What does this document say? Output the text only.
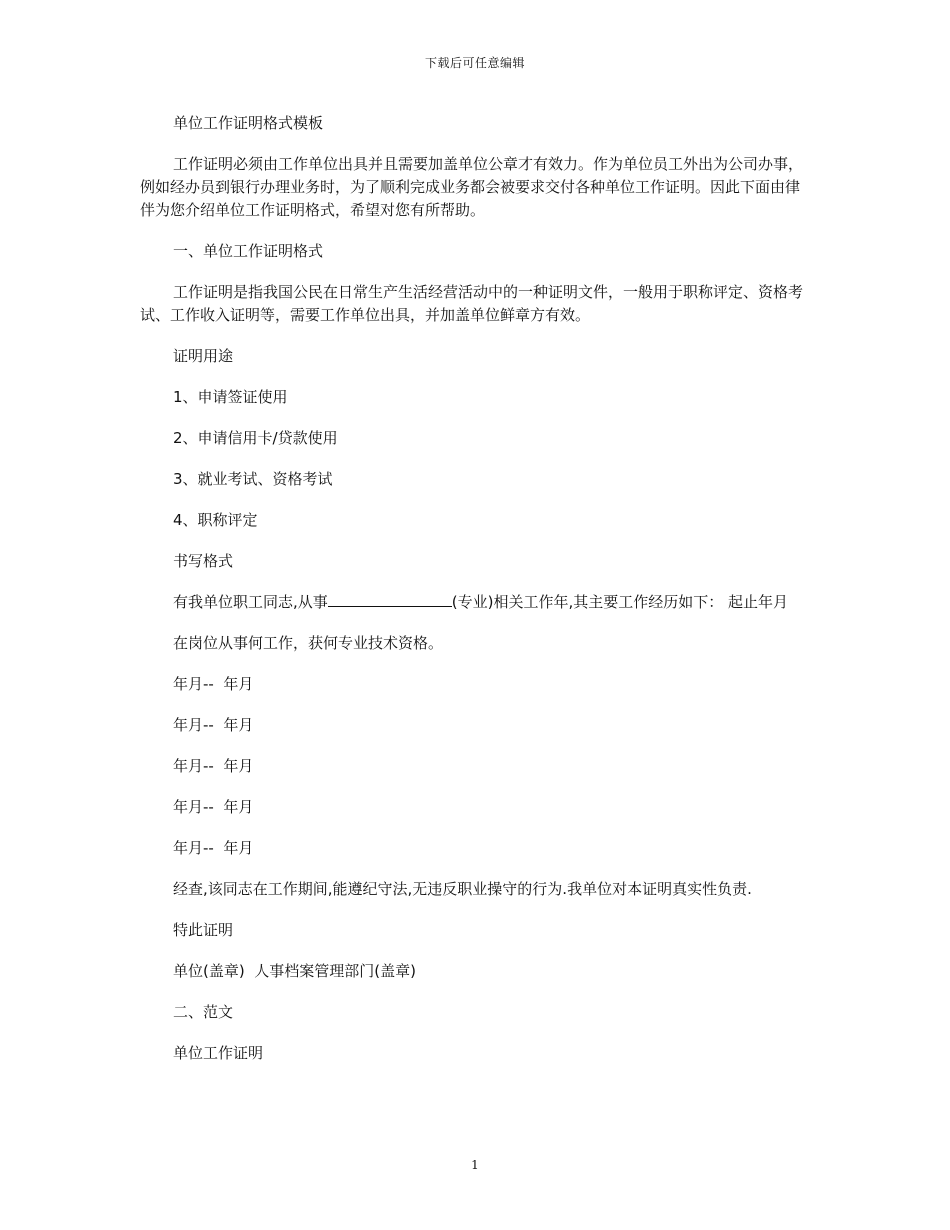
下载后可任意编辑

单位工作证明格式模板

工作证明必须由工作单位出具并且需要加盖单位公章才有效力。作为单位员工外出为公司办事，例如经办员到银行办理业务时，为了顺利完成业务都会被要求交付各种单位工作证明。因此下面由律伴为您介绍单位工作证明格式，希望对您有所帮助。

一、单位工作证明格式

工作证明是指我国公民在日常生产生活经营活动中的一种证明文件，一般用于职称评定、资格考试、工作收入证明等，需要工作单位出具，并加盖单位鲜章方有效。

证明用途

1、申请签证使用

2、申请信用卡/贷款使用

3、就业考试、资格考试

4、职称评定

书写格式

有我单位职工同志,从事	(专业)相关工作年,其主要工作经历如下： 起止年月

在岗位从事何工作，获何专业技术资格。

年月--  年月

年月--  年月

年月--  年月

年月--  年月

年月--  年月

经查,该同志在工作期间,能遵纪守法,无违反职业操守的行为.我单位对本证明真实性负责.

特此证明

单位(盖章)  人事档案管理部门(盖章)

二、范文

单位工作证明

1
